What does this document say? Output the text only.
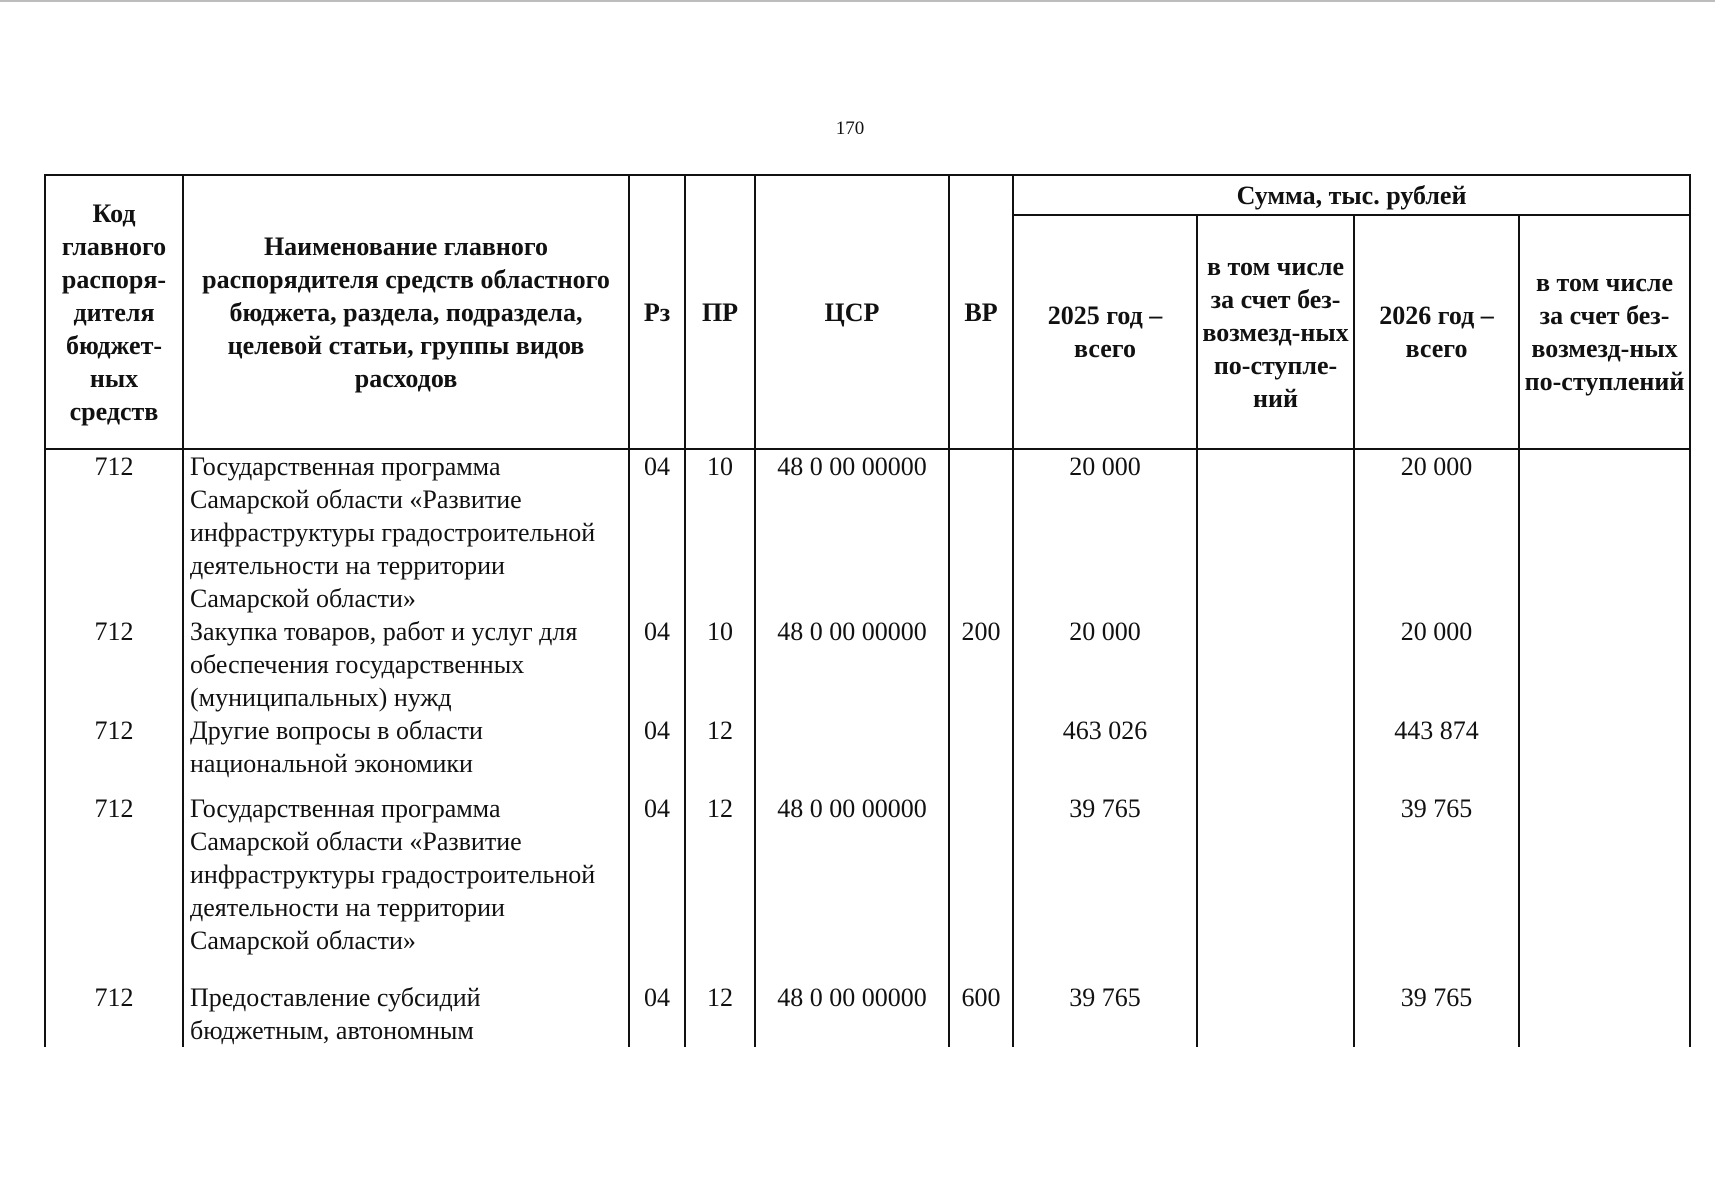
170
Код главного распоря-дителя бюджет-ных средств	Наименование главного распорядителя средств областного бюджета, раздела, подраздела, целевой статьи, группы видов расходов	Рз	ПР	ЦСР	ВР	Сумма, тыс. рублей			
						2025 год – всего	в том числе за счет без-возмезд-ных по-ступле-ний	2026 год – всего	в том числе за счет без-возмезд-ных по-ступлений
712	Государственная программа Самарской области «Развитие инфраструктуры градостроительной деятельности на территории Самарской области»	04	10	48 0 00 00000		20 000		20 000	
712	Закупка товаров, работ и услуг для обеспечения государственных (муниципальных) нужд	04	10	48 0 00 00000	200	20 000		20 000	
712	Другие вопросы в области национальной экономики	04	12			463 026		443 874	
712	Государственная программа Самарской области «Развитие инфраструктуры градостроительной деятельности на территории Самарской области»	04	12	48 0 00 00000		39 765		39 765	
712	Предоставление субсидий бюджетным, автономным	04	12	48 0 00 00000	600	39 765		39 765	
